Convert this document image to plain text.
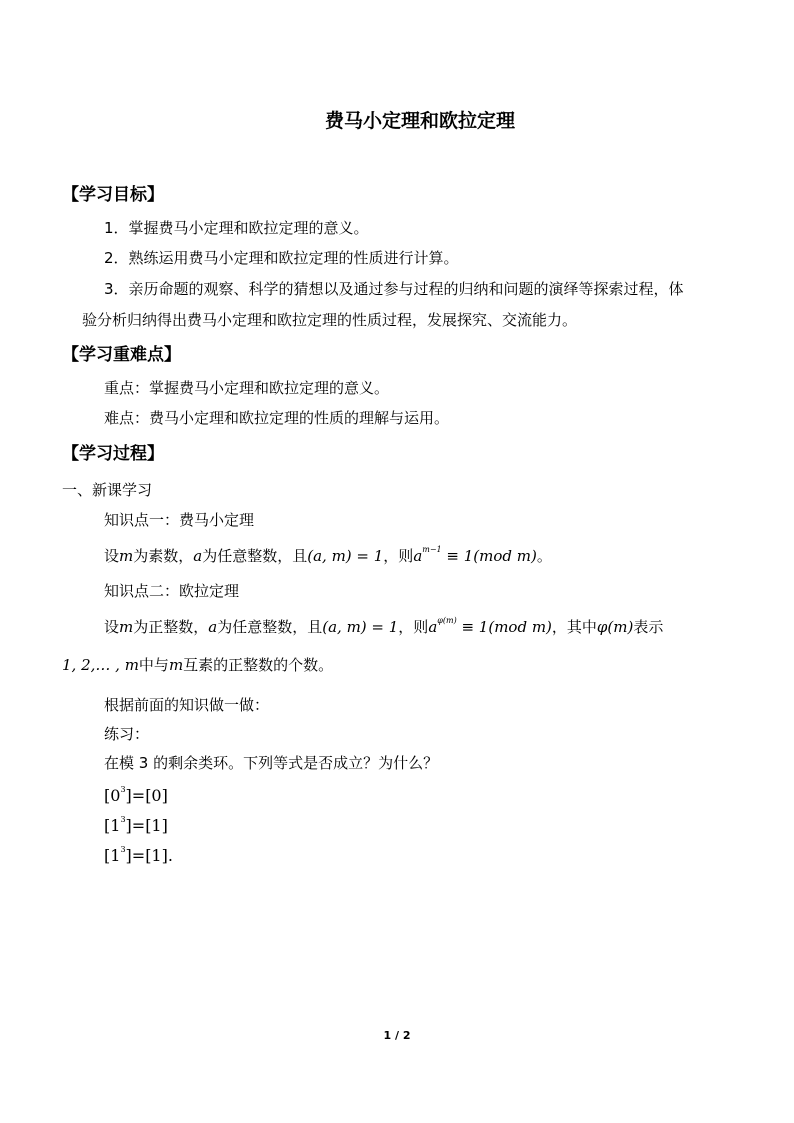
费马小定理和欧拉定理
【学习目标】
1．掌握费马小定理和欧拉定理的意义。
2．熟练运用费马小定理和欧拉定理的性质进行计算。
3．亲历命题的观察、科学的猜想以及通过参与过程的归纳和问题的演绎等探索过程，体
验分析归纳得出费马小定理和欧拉定理的性质过程，发展探究、交流能力。
【学习重难点】
重点：掌握费马小定理和欧拉定理的意义。
难点：费马小定理和欧拉定理的性质的理解与运用。
【学习过程】
一、新课学习
知识点一：费马小定理
设m为素数，a为任意整数，且(a, m) = 1，则$a^{m-1} \equiv 1(mod$ m)。
知识点二：欧拉定理
设m为正整数，a为任意整数，且(a, m) = 1，则$a^{\varphi(m)} \equiv 1(mod$ m)，其中φ(m)表示
1, 2,… , m中与m互素的正整数的个数。
根据前面的知识做一做：
练习：
在模 3 的剩余类环。下列等式是否成立？为什么？
$[0^3]=[0]$
$[1^3]=[1]$
$[1^3]=[1]$.
1 / 2
